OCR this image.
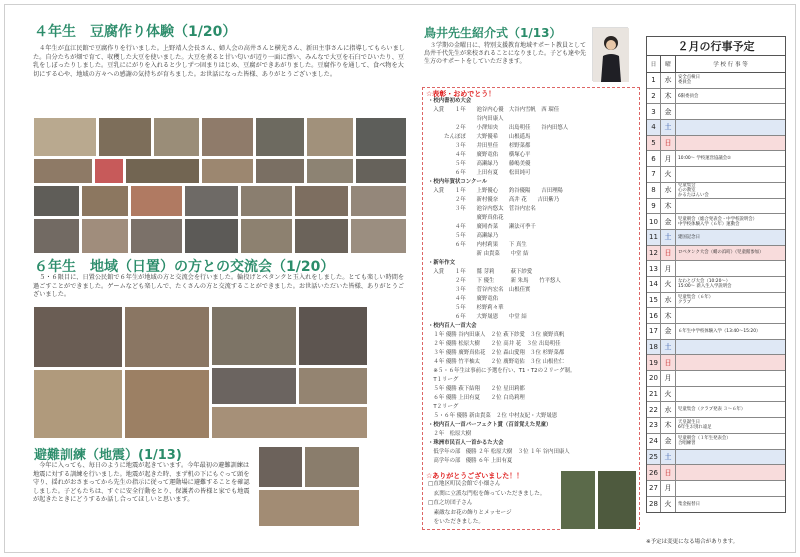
４年生　豆腐作り体験（1/20）
　４年生が直江民館で豆腐作りを行いました。上野靖人会長さん、婦人会の高井さんと横光さん、新田主事さんに指導してもらいました。自分たちが畑で育て、収穫した大豆を使いました。大豆を煮ると甘い匂いが辺り一面に漂い、みんなで大豆を石臼でひいたり、豆乳をしぼったりしました。豆乳ににがりを入れると少しずつ固まりはじめ、豆腐ができあがりました。豆腐作りを通して、食べ物を大切にする心や、地域の方々への感謝の気持ちが育ちました。お世話になった皆様、ありがとうございました。
６年生　地域（日置）の方との交流会（1/20）
　５・６限目に、日置公民館で６年生が地域の方と交流会を行いました。輪投げとペタンクと玉入れをしました。とても楽しい時間を過ごすことができました。ゲームなども楽しんで、たくさんの方と交流することができました。お世話いただいた皆様、ありがとうございました。
避難訓練（地震）(1/13)
　今年に入っても、毎日のように地震が起きています。今年最初の避難訓練は地震に対する訓練を行いました。地震が起きた時、まず机の下にもぐって頭を守り、揺れがおさまってから先生の指示に従って運動場に避難することを確認しました。子どもたちは、すぐに安全行動をとり、保護者の皆様と家でも地震が起きたときにどうするか話し合ってほしいと思います。
鳥井先生紹介式（1/13）
　３学期の金曜日に、特別支援教育地域サポート教員として鳥井千代先生が来校されることになりました。子ども達や先生方のサポートをしていただきます。
☆表彰・おめでとう！
・校内書初め大会
　入賞　　１年　　池谷内心優　大谷内雪帆　西 瑠佳
　　　　　　　　　谷内田康人
　　　　　２年　　小澤知央　　出島明佳　　谷内田悠人
　　　たんぽぽ　　大野優希　　山根遥馬
　　　　　３年　　井田里佳　　杉野菜都
　　　　　４年　　廣野竜佑　　横塚心平
　　　　　５年　　高瀬緑乃　　藤嶋美優
　　　　　６年　　上田有夏　　松田純可
・校内年賀状コンクール
　入賞　　１年　　上野優心　　釣谷優陽　　吉田理陽
　　　　　２年　　新村優奈　　高井 花　　吉田紫乃
　　　　　３年　　池谷内悠太　菅谷内宏名
　　　　　　　　　廣野真佑花
　　　　　４年　　廣岡杏菜　　瀬法可季千
　　　　　５年　　高瀬緑乃
　　　　　６年　　内村莉果　　下 真生
　　　　　　　　　新 由貴菜　　中堂 結
・新年作文
　入賞　　１年　　鷲 芽莉　　　萩下紗愛
　　　　　２年　　下 優生　　　新 朱馬　　竹平悠人
　　　　　３年　　菅谷内宏名　山根佳實
　　　　　４年　　廣野竜佑
　　　　　５年　　杉野莉々華
　　　　　６年　　大野晟恩　　中堂 結
・校内百人一首大会
　１年 優勝 谷内田康人　２位 萩下紗愛　３位 廣野真帆
　２年 優勝 松原大樹　　２位 高井 花　３位 出島明佳
　３年 優勝 廣野真佑花　２位 森山愛翔　３位 杉野菜都
　４年 優勝 竹平柚太　　２位 廣野竜佑　３位 山根佐仁
　※５・６年生は事前に予選を行い、T1・T2の２リーグ制。
　T１リーグ
　５年 優勝 萩下結翔　　２位 星田莉都
　６年 優勝 上田有夏　　２位 白鳥莉理
　T２リーグ
　５・６年 優勝 新由貴菜　２位 中村友紀・大野晟恩
・校内百人一首パーフェクト賞（百首覚えた児童）
　２年　松原大樹
・珠洲市民百人一首かるた大会
　低学年の部　優勝 ２年 松原大樹　３位 １年 谷内田康人
　高学年の部　優勝 ６年 上田有夏
☆ありがとうございました！！
□直地区町民会館で小畑さん
　玄関に立派な門松を飾っていただきました。
□直之坊団子さん
　素敵なお花の飾りとメッセージ
　をいただきました。
２月の行事予定
日	曜	学 校 行 事 等
1	水	安全点検日
委員会
2	木	6限委員会
3	金
4	土
5	日
6	月	10:00～ 学校運営協議会②
7	火
8	水
児童集会
心の教室
かるたはんい会
9	木
10 金	児童朝会（総合発表会・中学校説明会）
中学校体験入学（６年）運動会
11 土	建国記念日
12 日	ロベタンク大会（蛸の浜町）（児童館参加）
13 月
14 火	なわとび大会（10:20～）
15:00～ 新入生入学説明会
15 水	児童集会（６年）
クラブ
16 木
17 金	６年生中学校体験入学（13:40～15:20）
18 土
19 日
20 月
21 火
22 水	児童集会（クラブ発表 ３～６年）
23 木	天皇誕生日
6年生お別れ遠足
24 金	児童朝会（１年生発表会）
合唱練習
25 土
26 日
27 月
28 火	集金振替日
※予定は変更になる場合があります。
